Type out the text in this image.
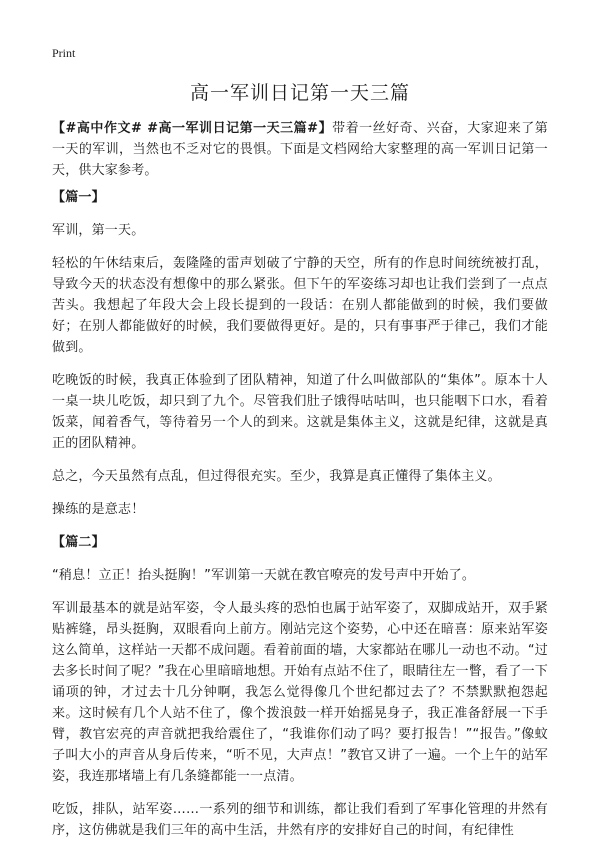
Print
高一军训日记第一天三篇

【#高中作文# #高一军训日记第一天三篇#】带着一丝好奇、兴奋，大家迎来了第一天的军训，当然也不乏对它的畏惧。下面是文档网给大家整理的高一军训日记第一天，供大家参考。

【篇一】

军训，第一天。

轻松的午休结束后，轰隆隆的雷声划破了宁静的天空，所有的作息时间统统被打乱，导致今天的状态没有想像中的那么紧张。但下午的军姿练习却也让我们尝到了一点点苦头。我想起了年段大会上段长提到的一段话：在别人都能做到的时候，我们要做好；在别人都能做好的时候，我们要做得更好。是的，只有事事严于律己，我们才能做到。

吃晚饭的时候，我真正体验到了团队精神，知道了什么叫做部队的“集体”。原本十人一桌一块儿吃饭，却只到了九个。尽管我们肚子饿得咕咕叫，也只能咽下口水，看着饭菜，闻着香气，等待着另一个人的到来。这就是集体主义，这就是纪律，这就是真正的团队精神。

总之，今天虽然有点乱，但过得很充实。至少，我算是真正懂得了集体主义。

操练的是意志！

【篇二】

“稍息！立正！抬头挺胸！”军训第一天就在教官嘹亮的发号声中开始了。

军训最基本的就是站军姿，令人最头疼的恐怕也属于站军姿了，双脚成站开，双手紧贴裤缝，昂头挺胸，双眼看向上前方。刚站完这个姿势，心中还在暗喜：原来站军姿这么简单，这样站一天都不成问题。看着前面的墙，大家都站在哪儿一动也不动。“过去多长时间了呢？”我在心里暗暗地想。开始有点站不住了，眼睛往左一瞥，看了一下诵项的钟，才过去十几分钟啊，我怎么觉得像几个世纪都过去了？不禁默默抱怨起来。这时候有几个人站不住了，像个拨浪鼓一样开始摇晃身子，我正准备舒展一下手臂，教官宏亮的声音就把我给震住了，“我谁你们动了吗？要打报告！”“报告。”像蚊子叫大小的声音从身后传来，“听不见，大声点！”教官又讲了一遍。一个上午的站军姿，我连那堵墙上有几条缝都能一一点清。

吃饭，排队，站军姿……一系列的细节和训练，都让我们看到了军事化管理的井然有序，这仿佛就是我们三年的高中生活，井然有序的安排好自己的时间，有纪律性
